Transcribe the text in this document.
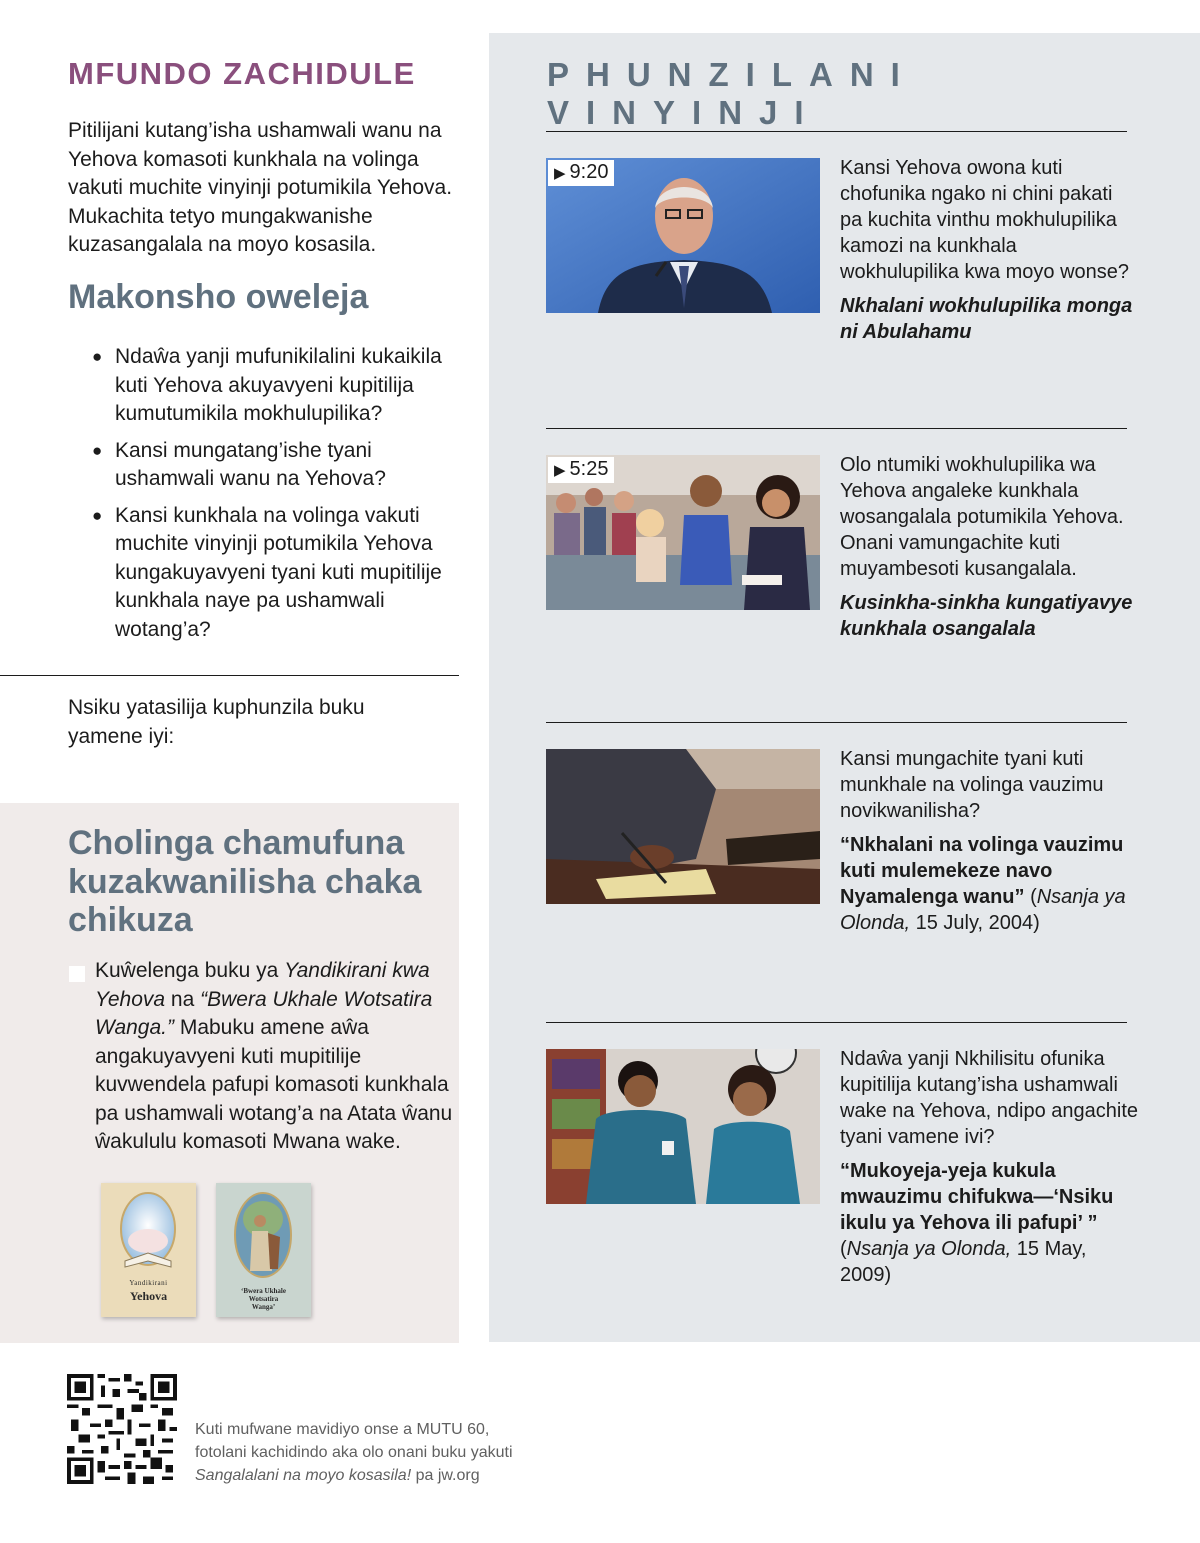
MFUNDO ZACHIDULE

Pitilijani kutang’isha ushamwali wanu na Yehova komasoti kunkhala na volinga vakuti muchite vinyinji potumikila Yehova. Mukachita tetyo mungakwanishe kuzasangalala na moyo kosasila.

Makonsho oweleja
● Ndaŵa yanji mufunikilalini kukaikila kuti Yehova akuyavyeni kupitilija kumutumikila mokhulupilika?
● Kansi mungatang’ishe tyani ushamwali wanu na Yehova?
● Kansi kunkhala na volinga vakuti muchite vinyinji potumikila Yehova kungakuyavyeni tyani kuti mupitilije kunkhala naye pa ushamwali wotang’a?

Nsiku yatasilija kuphunzila buku yamene iyi:

Cholinga chamufuna kuzakwanilisha chaka chikuza

Kuŵelenga buku ya Yandikirani kwa Yehova na “Bwera Ukhale Wotsatira Wanga.” Mabuku amene aŵa angakuyavyeni kuti mupitilije kuvwendela pafupi komasoti kunkhala pa ushamwali wotang’a na Atata ŵanu ŵakululu komasoti Mwana wake.

Yandikirani
Yehova	‘Bwera Ukhale
Wotsatira
Wanga’

Kuti mufwane mavidiyo onse a MUTU 60,
fotolani kachidindo aka olo onani buku yakuti
Sangalalani na moyo kosasila! pa jw.org

PHUNZILANI VINYINJI
▶ 9:20	Kansi Yehova owona kuti chofunika ngako ni chini pakati pa kuchita vinthu mokhulupilika kamozi na kunkhala wokhulupilika kwa moyo wonse?

Nkhalani wokhulupilika monga ni Abulahamu

▶ 5:25	Olo ntumiki wokhulupilika wa Yehova angaleke kunkhala wosangalala potumikila Yehova. Onani vamungachite kuti muyambesoti kusangalala.

Kusinkha-sinkha kungatiyavye kunkhala osangalala

Kansi mungachite tyani kuti munkhale na volinga vauzimu novikwanilisha?

“Nkhalani na volinga vauzimu kuti mulemekeze navo Nyamalenga wanu” (Nsanja ya Olonda, 15 July, 2004)

Ndaŵa yanji Nkhilisitu ofunika kupitilija kutang’isha ushamwali wake na Yehova, ndipo angachite tyani vamene ivi?

“Mukoyeja-yeja kukula mwauzimu chifukwa—‘Nsiku ikulu ya Yehova ili pafupi’ ” (Nsanja ya Olonda, 15 May, 2009)
